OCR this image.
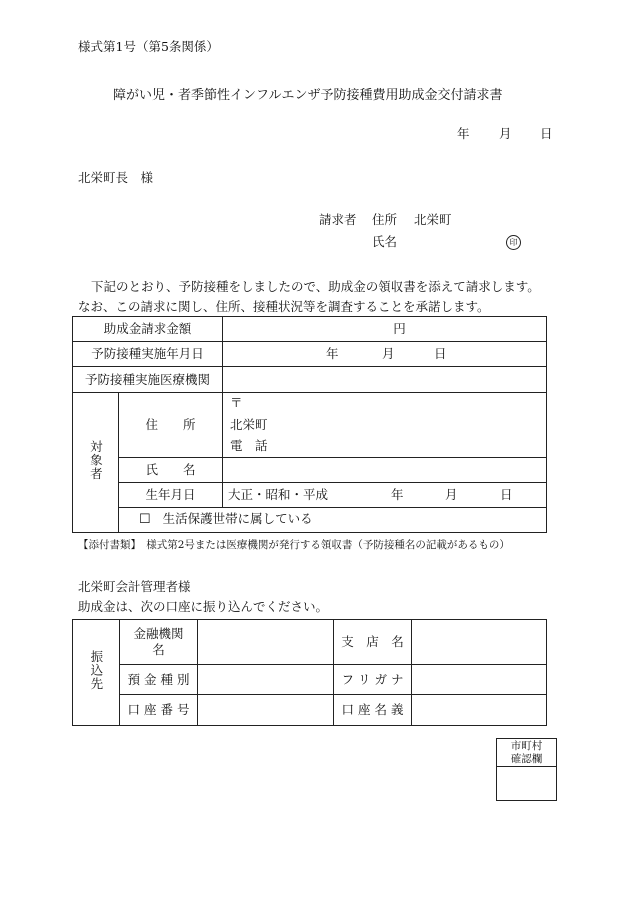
様式第1号（第5条関係）
障がい児・者季節性インフルエンザ予防接種費用助成金交付請求書
年 月 日
北栄町長　様
請求者 住所 北栄町
氏名	印
下記のとおり、予防接種をしましたので、助成金の領収書を添えて請求します。なお、この請求に関し、住所、接種状況等を調査することを承諾します。
助成金請求金額		円
予防接種実施年月日		年 月 日

予防接種実施医療機関		
対象者	住　　所	〒
北栄町
電　話

	氏　　名	
	生年月日	大正・昭和・平成 年 月 日

	☐ 生活保護世帯に属している	
【添付書類】　様式第2号または医療機関が発行する領収書（予防接種名の記載があるもの）
北栄町会計管理者様
助成金は、次の口座に振り込んでください。
振込先	金融機関名		支　店　名	
	預 金 種 別		フ リ ガ ナ	
	口 座 番 号		口 座 名 義	
市町村
確認欄
